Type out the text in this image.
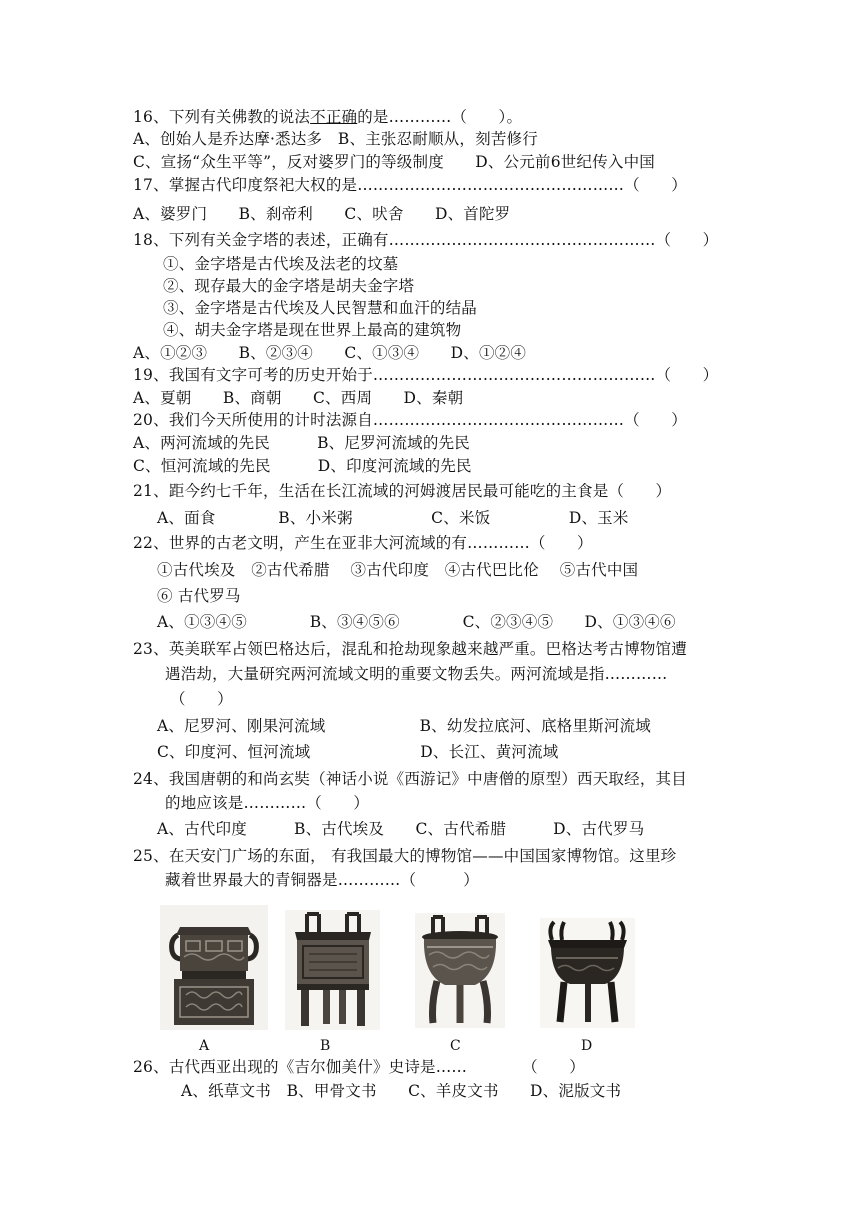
16、下列有关佛教的说法不正确的是…………（　　）。
A、创始人是乔达摩·悉达多　B、主张忍耐顺从，刻苦修行
C、宣扬“众生平等”，反对婆罗门的等级制度　　D、公元前6世纪传入中国
17、掌握古代印度祭祀大权的是……………………………………………（　　）
A、婆罗门　　B、刹帝利　　C、吠舍　　D、首陀罗
18、下列有关金字塔的表述，正确有……………………………………………（　　）
①、金字塔是古代埃及法老的坟墓
②、现存最大的金字塔是胡夫金字塔
③、金字塔是古代埃及人民智慧和血汗的结晶
④、胡夫金字塔是现在世界上最高的建筑物
A、①②③　　B、②③④　　C、①③④　　D、①②④
19、我国有文字可考的历史开始于………………………………………………（　　）
A、夏朝　　B、商朝　　C、西周　　D、秦朝
20、我们今天所使用的计时法源自…………………………………………（　　）
A、两河流域的先民　　　B、尼罗河流域的先民
C、恒河流域的先民　　　D、印度河流域的先民
21、距今约七千年，生活在长江流域的河姆渡居民最可能吃的主食是（　　）
A、面食　　　　B、小米粥　　　　　C、米饭　　　　　D、玉米
22、世界的古老文明，产生在亚非大河流域的有…………（　　）
①古代埃及　②古代希腊　 ③古代印度　④古代巴比伦　 ⑤古代中国
⑥ 古代罗马
A、①③④⑤　　　　B、③④⑤⑥　　　　C、②③④⑤　　D、①③④⑥
23、英美联军占领巴格达后，混乱和抢劫现象越来越严重。巴格达考古博物馆遭
遇浩劫，大量研究两河流域文明的重要文物丢失。两河流域是指…………
（　　）
A、尼罗河、刚果河流域　　　　　　B、幼发拉底河、底格里斯河流域
C、印度河、恒河流域　　　　　　　D、长江、黄河流域
24、我国唐朝的和尚玄奘（神话小说《西游记》中唐僧的原型）西天取经，其目
的地应该是…………（　　）
A、古代印度　　　B、古代埃及　　C、古代希腊　　　D、古代罗马
25、在天安门广场的东面， 有我国最大的博物馆——中国国家博物馆。这里珍
藏着世界最大的青铜器是…………（　　　）
A	B	C	D
26、古代西亚出现的《吉尔伽美什》史诗是……　　　　（　　）
A、纸草文书　B、甲骨文书　　C、羊皮文书　　D、泥版文书
